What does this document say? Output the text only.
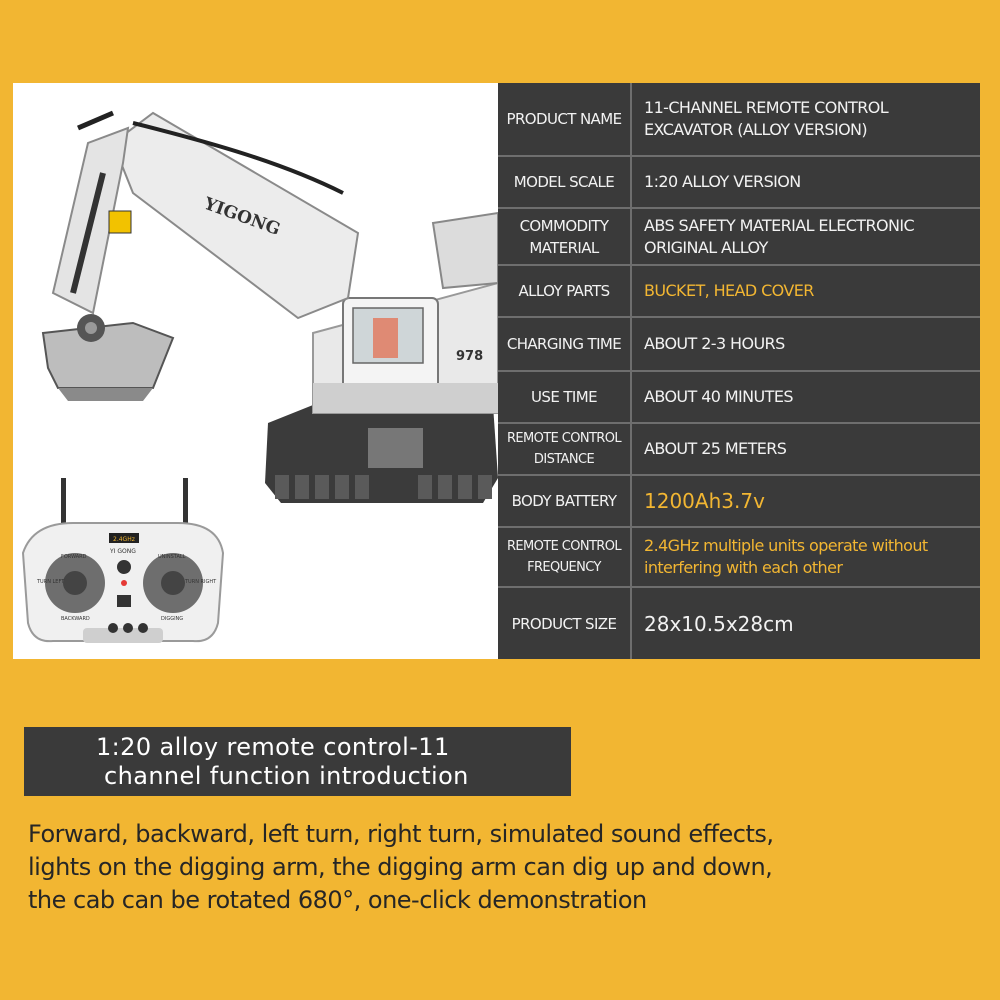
978
YIGONG
2.4GHz
YI GONG
FORWARD
BACKWARD
TURN LEFT	TURN RIGHT
UNINSTALL
DIGGING
PRODUCT NAME
11-CHANNEL REMOTE CONTROL
EXCAVATOR (ALLOY VERSION)
MODEL SCALE 1:20 ALLOY VERSION
COMMODITY
MATERIAL
ABS SAFETY MATERIAL ELECTRONIC
ORIGINAL ALLOY
ALLOY PARTS BUCKET, HEAD COVER
CHARGING TIME ABOUT 2-3 HOURS
USE TIME	ABOUT 40 MINUTES
REMOTE CONTROL
DISTANCE
ABOUT 25 METERS
BODY BATTERY 1200Ah3.7v
REMOTE CONTROL
FREQUENCY
2.4GHz multiple units operate without
interfering with each other
PRODUCT SIZE 28x10.5x28cm
1:20 alloy remote control-11
channel function introduction
Forward, backward, left turn, right turn, simulated sound effects,
lights on the digging arm, the digging arm can dig up and down,
the cab can be rotated 680°, one-click demonstration
